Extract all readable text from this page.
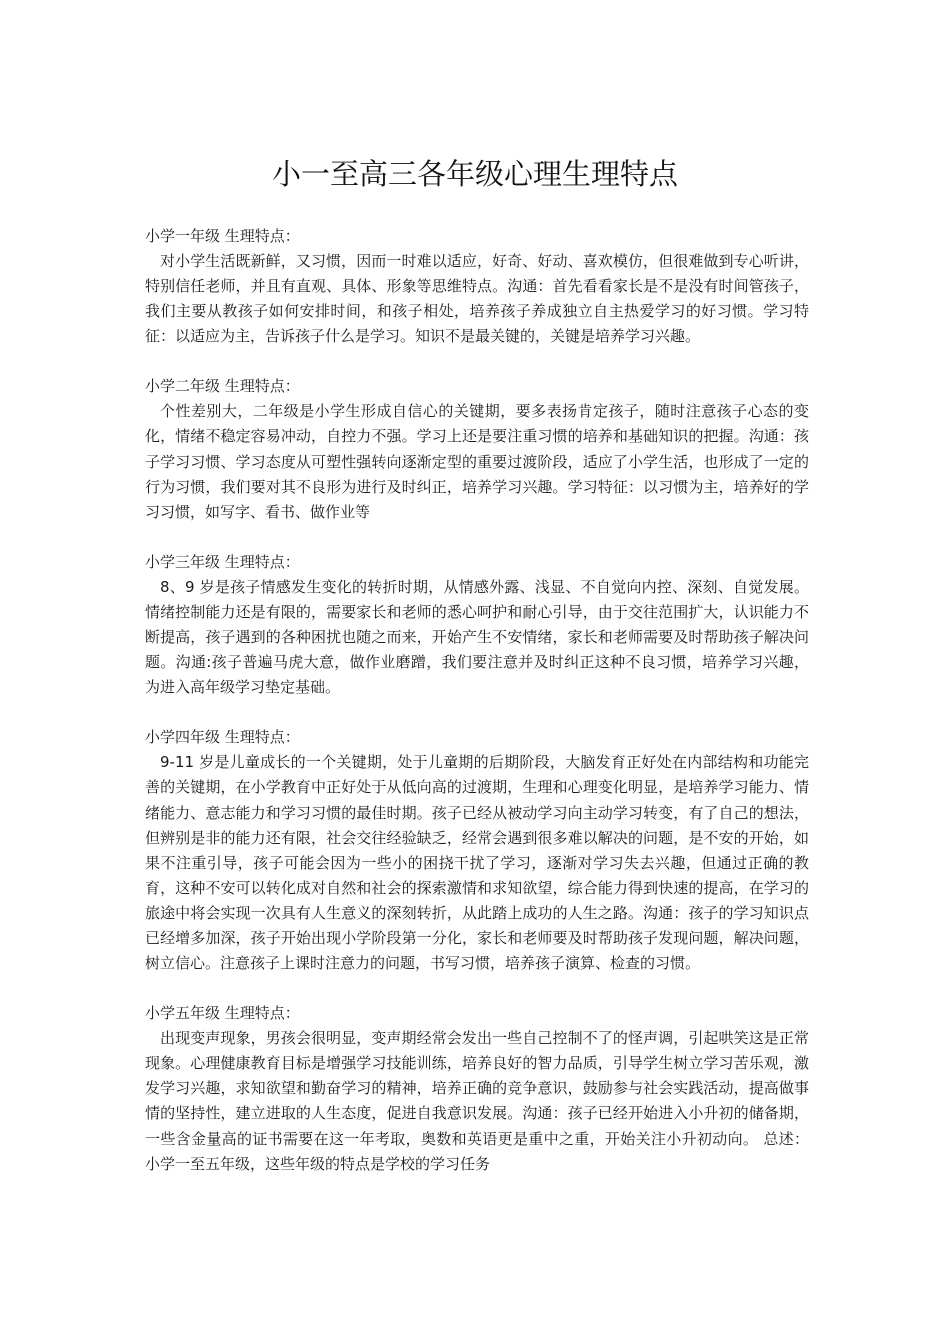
小一至高三各年级心理生理特点

小学一年级 生理特点：

对小学生活既新鲜，又习惯，因而一时难以适应，好奇、好动、喜欢模仿，但很难做到专心听讲，特别信任老师，并且有直观、具体、形象等思维特点。沟通：首先看看家长是不是没有时间管孩子，我们主要从教孩子如何安排时间，和孩子相处，培养孩子养成独立自主热爱学习的好习惯。学习特征：以适应为主，告诉孩子什么是学习。知识不是最关键的，关键是培养学习兴趣。

小学二年级 生理特点：

个性差别大，二年级是小学生形成自信心的关键期，要多表扬肯定孩子，随时注意孩子心态的变化，情绪不稳定容易冲动，自控力不强。学习上还是要注重习惯的培养和基础知识的把握。沟通：孩子学习习惯、学习态度从可塑性强转向逐渐定型的重要过渡阶段，适应了小学生活，也形成了一定的行为习惯，我们要对其不良形为进行及时纠正，培养学习兴趣。学习特征：以习惯为主，培养好的学习习惯，如写字、看书、做作业等

小学三年级 生理特点：

8、9 岁是孩子情感发生变化的转折时期，从情感外露、浅显、不自觉向内控、深刻、自觉发展。情绪控制能力还是有限的，需要家长和老师的悉心呵护和耐心引导，由于交往范围扩大，认识能力不断提高，孩子遇到的各种困扰也随之而来，开始产生不安情绪，家长和老师需要及时帮助孩子解决问题。沟通:孩子普遍马虎大意，做作业磨蹭，我们要注意并及时纠正这种不良习惯，培养学习兴趣，为进入高年级学习垫定基础。

小学四年级 生理特点：

9-11 岁是儿童成长的一个关键期，处于儿童期的后期阶段，大脑发育正好处在内部结构和功能完善的关键期，在小学教育中正好处于从低向高的过渡期，生理和心理变化明显，是培养学习能力、情绪能力、意志能力和学习习惯的最佳时期。孩子已经从被动学习向主动学习转变，有了自己的想法，但辨别是非的能力还有限，社会交往经验缺乏，经常会遇到很多难以解决的问题，是不安的开始，如果不注重引导，孩子可能会因为一些小的困挠干扰了学习，逐渐对学习失去兴趣，但通过正确的教育，这种不安可以转化成对自然和社会的探索激情和求知欲望，综合能力得到快速的提高，在学习的旅途中将会实现一次具有人生意义的深刻转折，从此踏上成功的人生之路。沟通：孩子的学习知识点已经增多加深，孩子开始出现小学阶段第一分化，家长和老师要及时帮助孩子发现问题，解决问题，树立信心。注意孩子上课时注意力的问题，书写习惯，培养孩子演算、检查的习惯。

小学五年级 生理特点：

出现变声现象，男孩会很明显，变声期经常会发出一些自己控制不了的怪声调，引起哄笑这是正常现象。心理健康教育目标是增强学习技能训练，培养良好的智力品质，引导学生树立学习苦乐观，激发学习兴趣，求知欲望和勤奋学习的精神，培养正确的竞争意识，鼓励参与社会实践活动，提高做事情的坚持性，建立进取的人生态度，促进自我意识发展。沟通：孩子已经开始进入小升初的储备期，一些含金量高的证书需要在这一年考取，奥数和英语更是重中之重，开始关注小升初动向。 总述：小学一至五年级，这些年级的特点是学校的学习任务
